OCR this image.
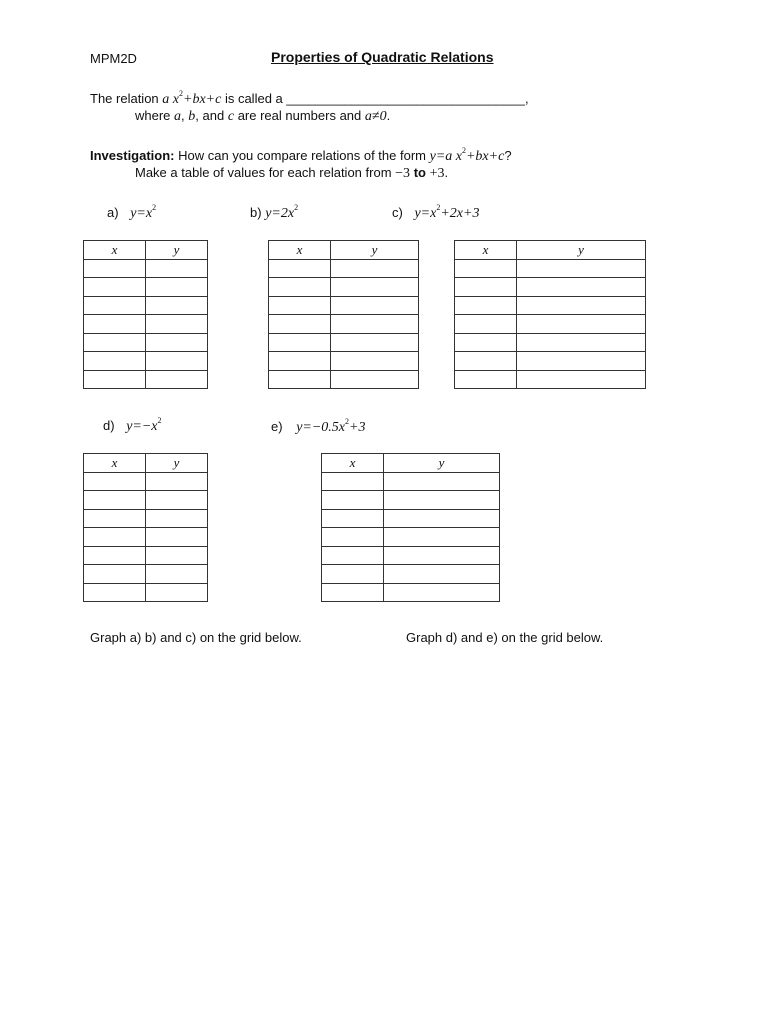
MPM2D	Properties of Quadratic Relations
The relation a $x^2+bx+c$ is called a _________________________________,
where a, b, and c are real numbers and a≠0.
Investigation: How can you compare relations of the form y=a $x^2+bx+c$?
Make a table of values for each relation from −3 to +3.
a) $y=x^2$	b) $y=2x^2$	c) $y=x^2+2x+3$
x	y

		x	y

		x	y

d) $y=-x^2$	e) $y=-0.5x^2+3$
x	y

		x	y

Graph a) b) and c) on the grid below.	Graph d) and e) on the grid below.
